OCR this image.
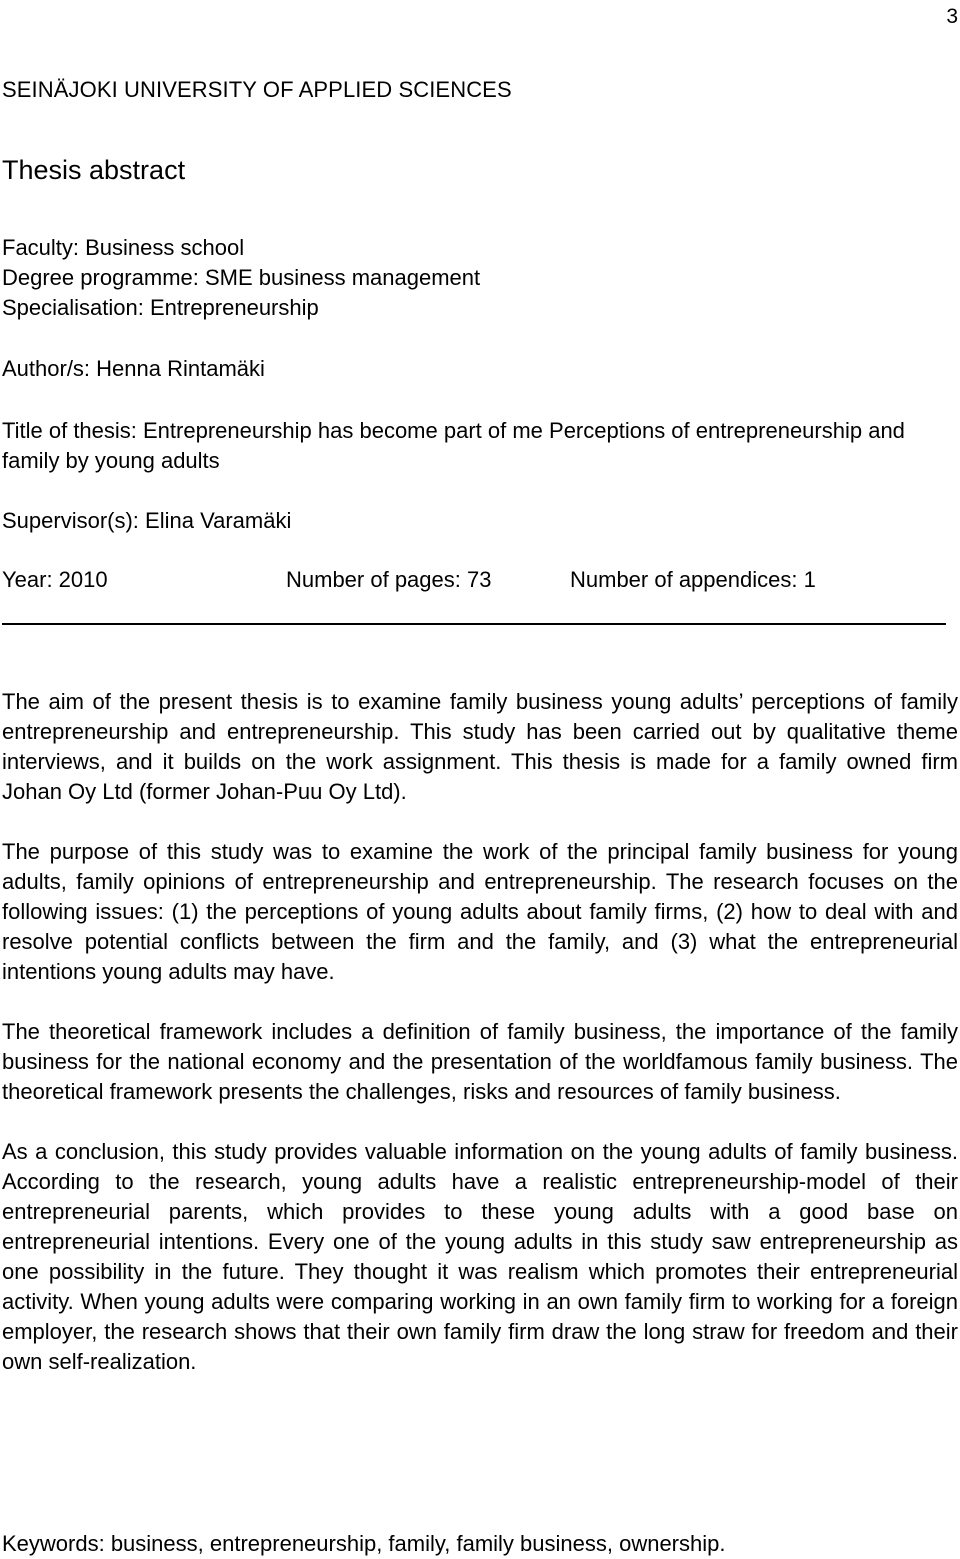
3
SEINÄJOKI UNIVERSITY OF APPLIED SCIENCES
Thesis abstract
Faculty: Business school
Degree programme: SME business management
Specialisation: Entrepreneurship
Author/s: Henna Rintamäki
Title of thesis: Entrepreneurship has become part of me Perceptions of entrepreneurship and family by young adults
Supervisor(s): Elina Varamäki
Year: 2010	Number of pages: 73	Number of appendices: 1

The aim of the present thesis is to examine family business young adults’ perceptions of family entrepreneurship and entrepreneurship. This study has been carried out by qualitative theme interviews, and it builds on the work assignment. This thesis is made for a family owned firm Johan Oy Ltd (former Johan-Puu Oy Ltd).

The purpose of this study was to examine the work of the principal family business for young adults, family opinions of entrepreneurship and entrepreneurship. The research focuses on the following issues: (1) the perceptions of young adults about family firms, (2) how to deal with and resolve potential conflicts between the firm and the family, and (3) what the entrepreneurial intentions young adults may have.

The theoretical framework includes a definition of family business, the importance of the family business for the national economy and the presentation of the worldfamous family business. The theoretical framework presents the challenges, risks and resources of family business.

As a conclusion, this study provides valuable information on the young adults of family business. According to the research, young adults have a realistic entrepreneurship-model of their entrepreneurial parents, which provides to these young adults with a good base on entrepreneurial intentions. Every one of the young adults in this study saw entrepreneurship as one possibility in the future. They thought it was realism which promotes their entrepreneurial activity. When young adults were comparing working in an own family firm to working for a foreign employer, the research shows that their own family firm draw the long straw for freedom and their own self-realization.

Keywords: business, entrepreneurship, family, family business, ownership.
